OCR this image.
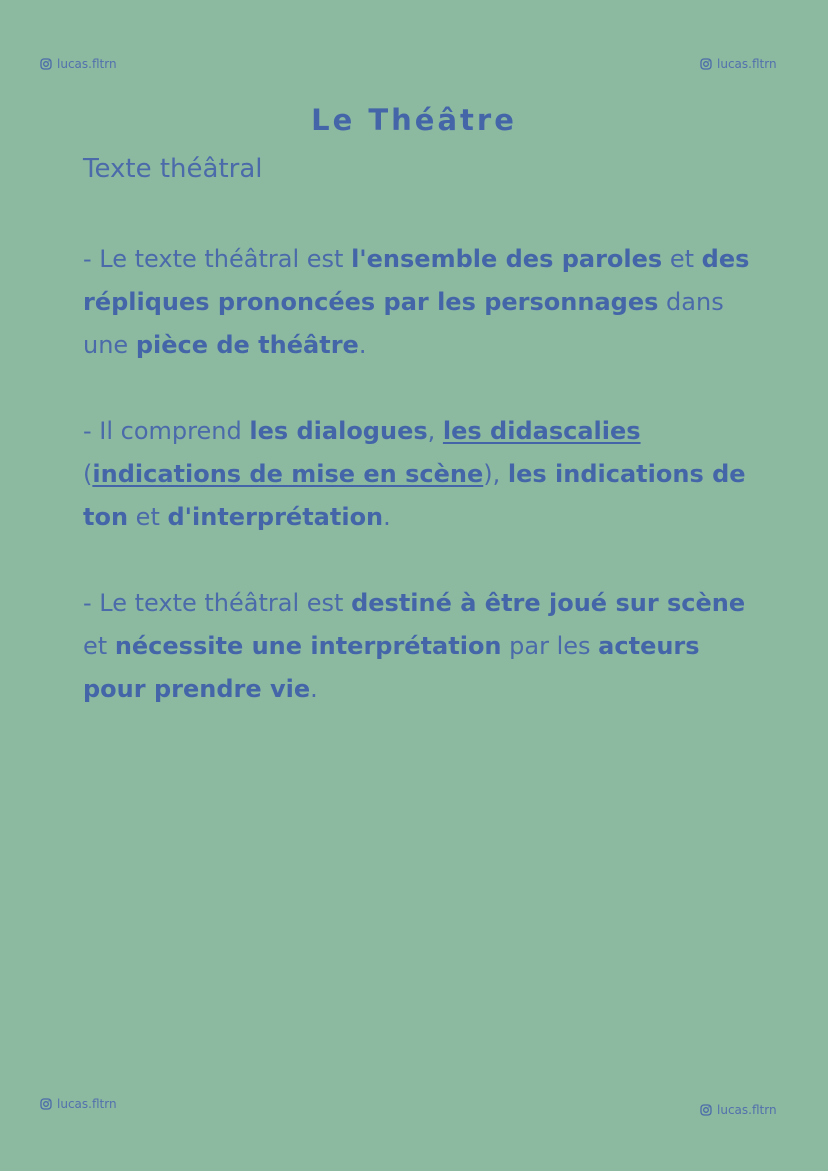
lucas.fltrn	lucas.fltrn
Le Théâtre
Texte théâtral

- Le texte théâtral est l'ensemble des paroles et des répliques prononcées par les personnages dans une pièce de théâtre.

- Il comprend les dialogues, les didascalies (indications de mise en scène), les indications de ton et d'interprétation.

- Le texte théâtral est destiné à être joué sur scène et nécessite une interprétation par les acteurs pour prendre vie.

lucas.fltrn	lucas.fltrn
